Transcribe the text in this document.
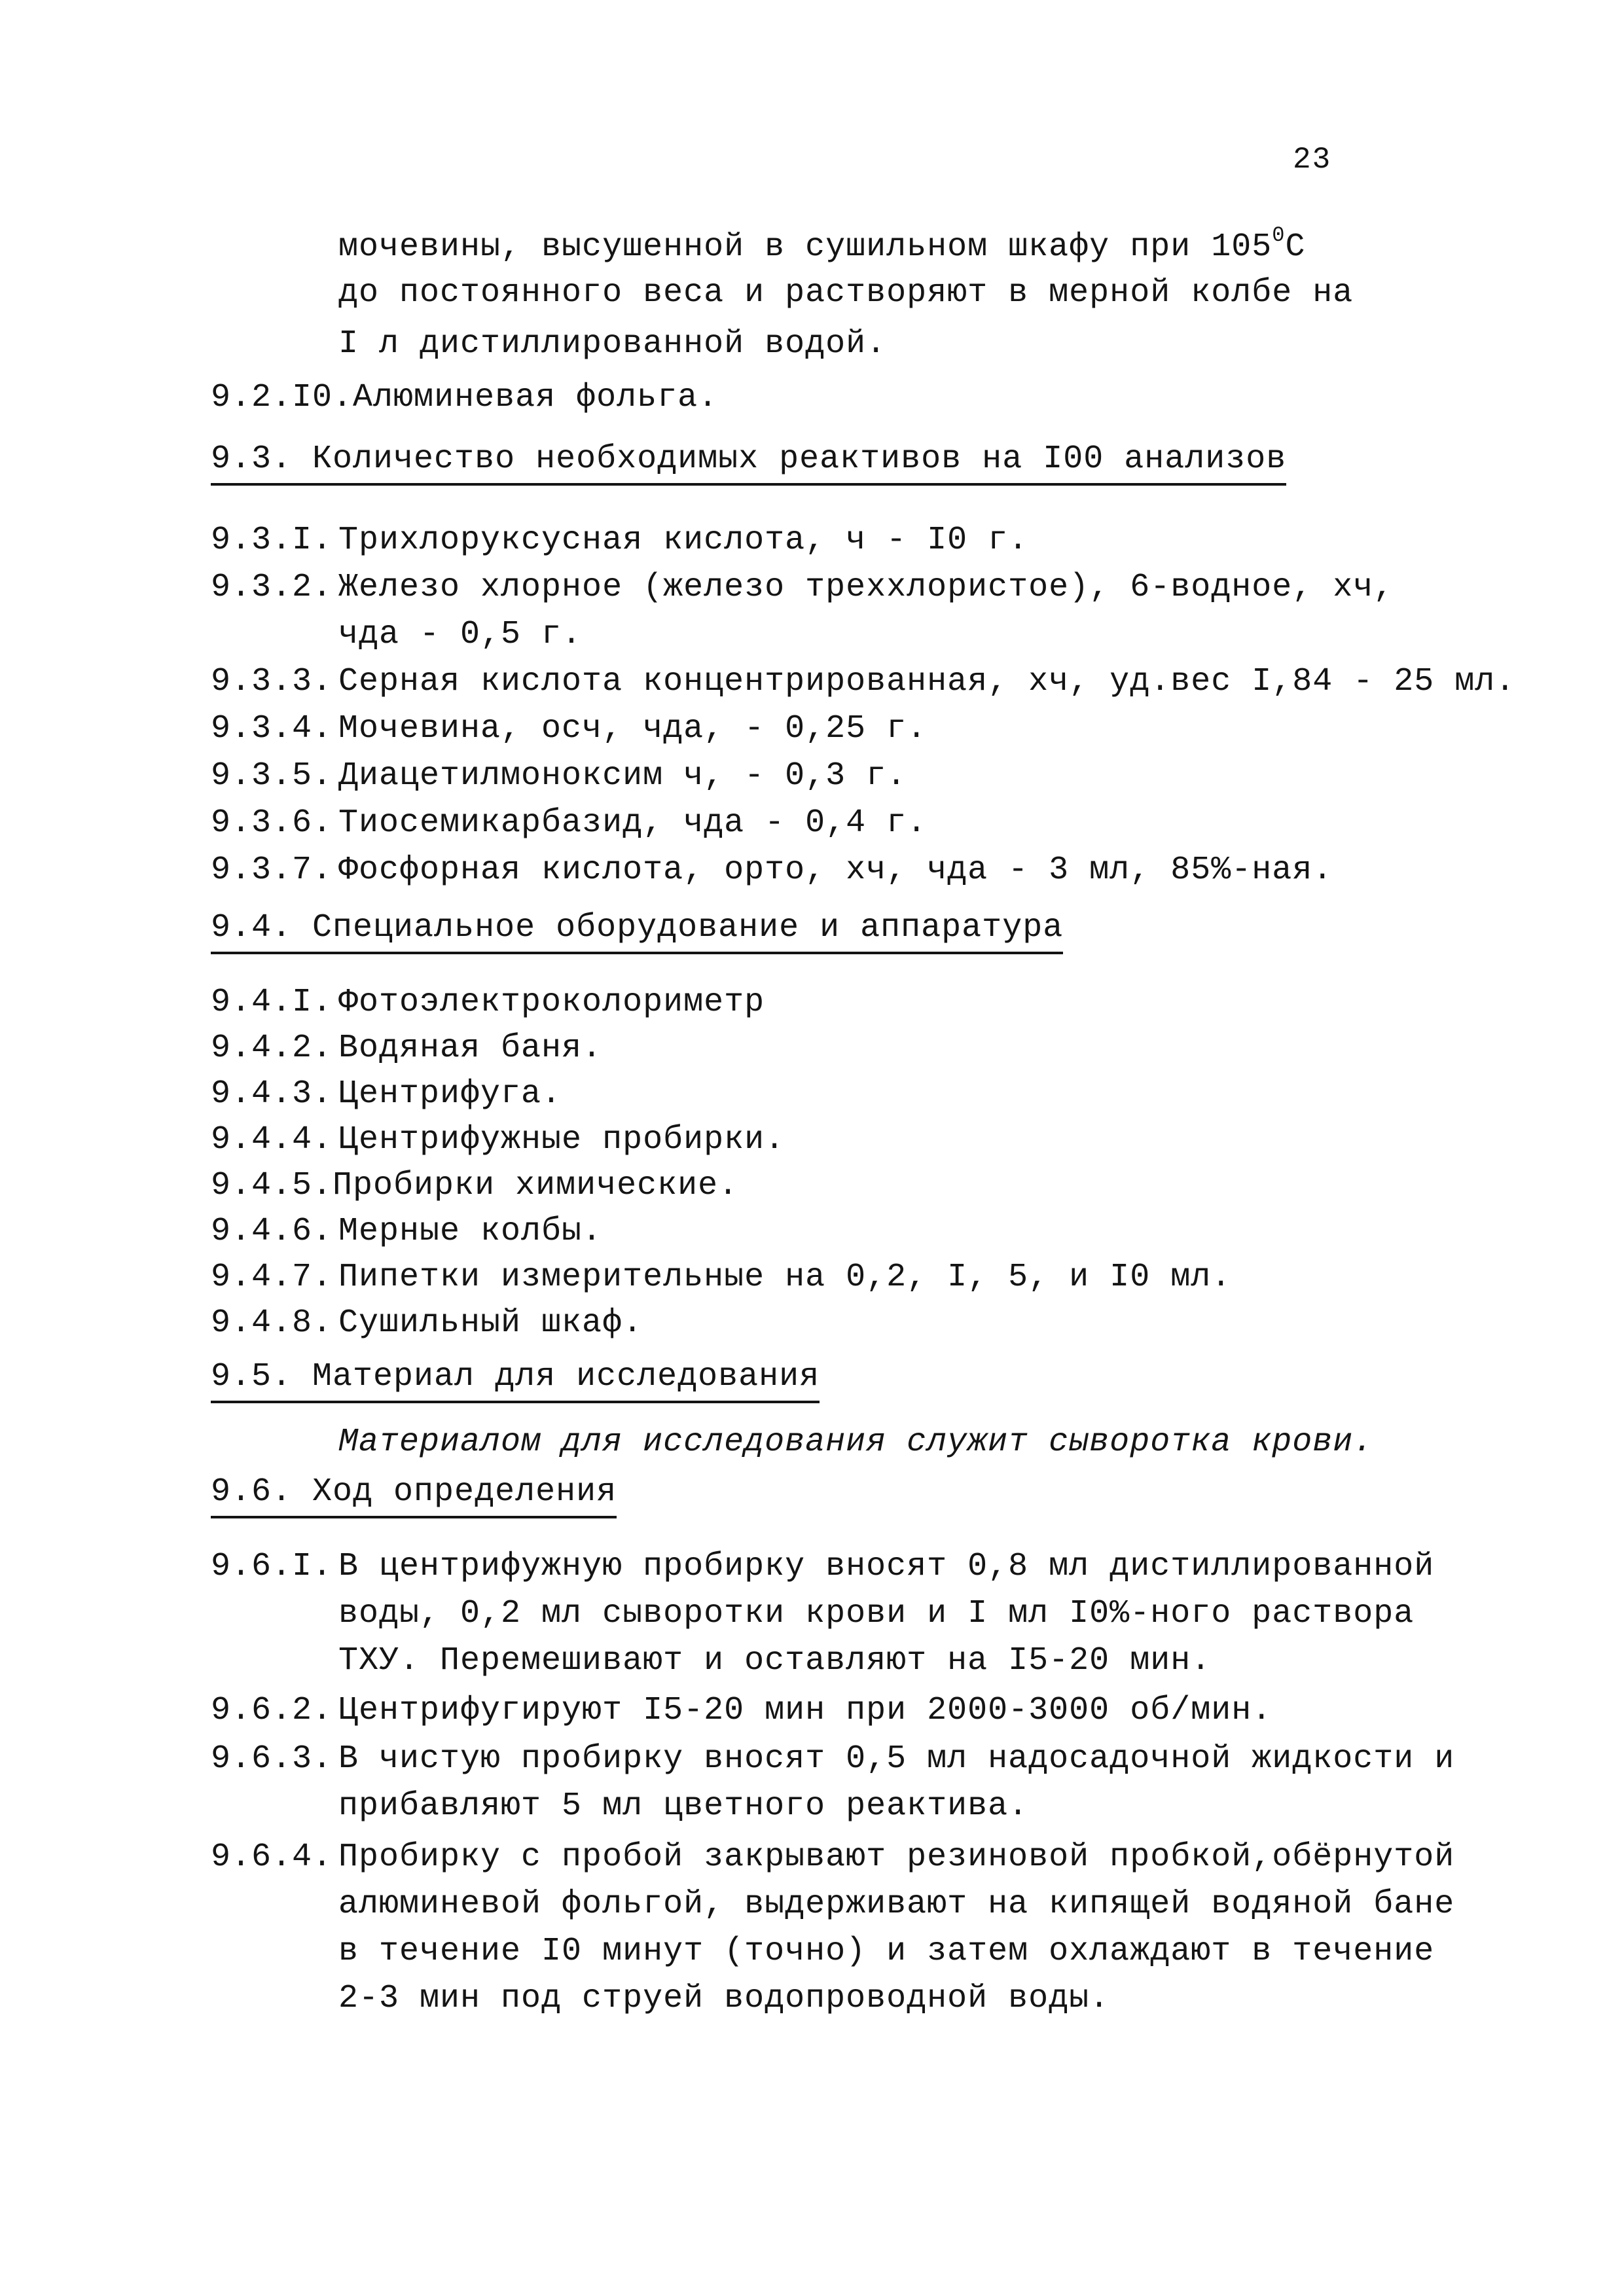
23
мочевины, высушенной в сушильном шкафу при $105^0С$
до постоянного веса и растворяют в мерной колбе на
I л дистиллированной водой.
9.2.I0.Алюминевая фольга.
9.3. Количество необходимых реактивов на I00 анализов
9.3.I. Трихлоруксусная кислота, ч - I0 г.
9.3.2. Железо хлорное (железо треххлористое), 6-водное, хч,
чда - 0,5 г.
9.3.3. Серная кислота концентрированная, хч, уд.вес I,84 - 25 мл.
9.3.4. Мочевина, осч, чда, - 0,25 г.
9.3.5. Диацетилмоноксим ч, - 0,3 г.
9.3.6. Тиосемикарбазид, чда - 0,4 г.
9.3.7. Фосфорная кислота, орто, хч, чда - 3 мл, 85%-ная.
9.4. Специальное оборудование и аппаратура
9.4.I. Фотоэлектроколориметр
9.4.2. Водяная баня.
9.4.3. Центрифуга.
9.4.4. Центрифужные пробирки.
9.4.5.Пробирки химические.
9.4.6. Мерные колбы.
9.4.7. Пипетки измерительные на 0,2, I, 5, и I0 мл.
9.4.8. Сушильный шкаф.
9.5. Материал для исследования
Материалом для исследования служит сыворотка крови.
9.6. Ход определения
9.6.I. В центрифужную пробирку вносят 0,8 мл дистиллированной
воды, 0,2 мл сыворотки крови и I мл I0%-ного раствора
ТХУ. Перемешивают и оставляют на I5-20 мин.
9.6.2. Центрифугируют I5-20 мин при 2000-3000 об/мин.
9.6.3. В чистую пробирку вносят 0,5 мл надосадочной жидкости и
прибавляют 5 мл цветного реактива.
9.6.4. Пробирку с пробой закрывают резиновой пробкой,обёрнутой
алюминевой фольгой, выдерживают на кипящей водяной бане
в течение I0 минут (точно) и затем охлаждают в течение
2-3 мин под струей водопроводной воды.
